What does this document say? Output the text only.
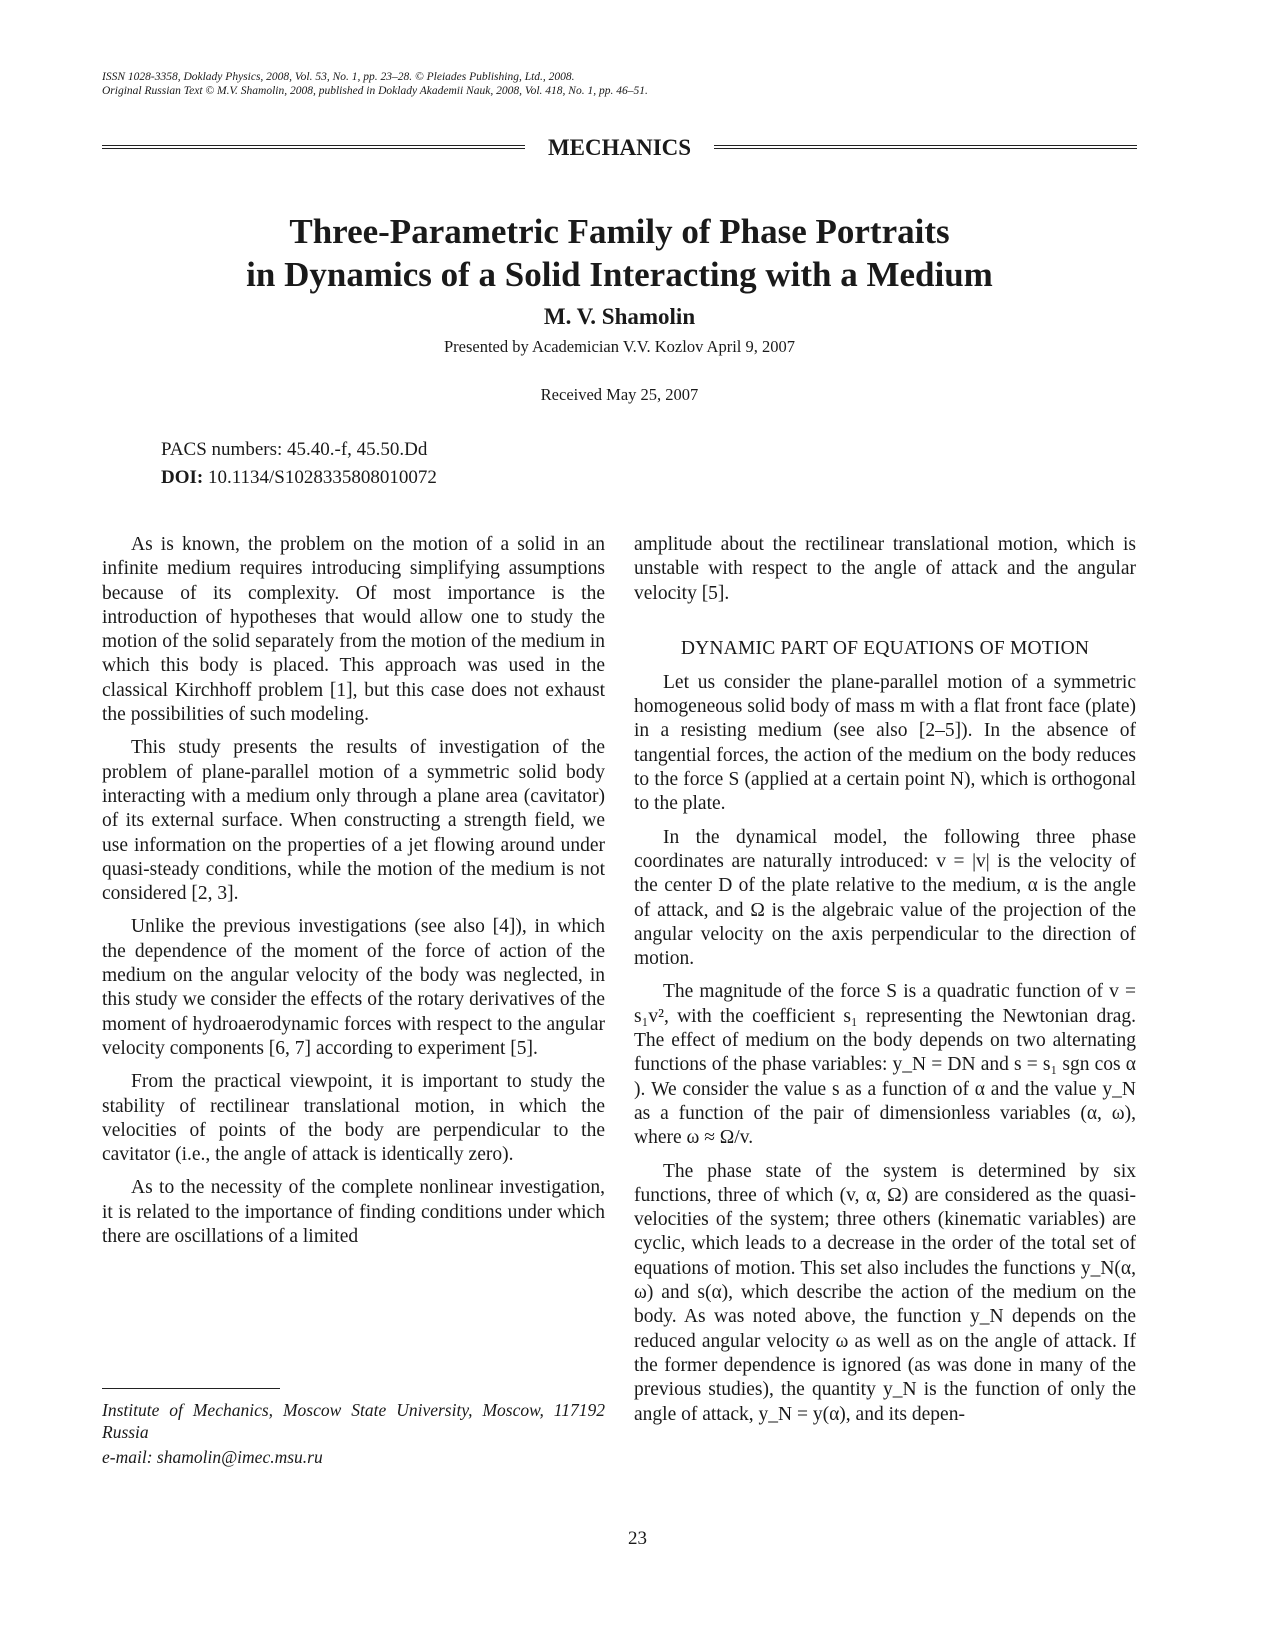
ISSN 1028-3358, Doklady Physics, 2008, Vol. 53, No. 1, pp. 23–28. © Pleiades Publishing, Ltd., 2008.
Original Russian Text © M.V. Shamolin, 2008, published in Doklady Akademii Nauk, 2008, Vol. 418, No. 1, pp. 46–51.
MECHANICS
Three-Parametric Family of Phase Portraits
in Dynamics of a Solid Interacting with a Medium
M. V. Shamolin
Presented by Academician V.V. Kozlov April 9, 2007
Received May 25, 2007
PACS numbers: 45.40.-f, 45.50.Dd
DOI: 10.1134/S1028335808010072

As is known, the problem on the motion of a solid in an infinite medium requires introducing simplifying assumptions because of its complexity. Of most importance is the introduction of hypotheses that would allow one to study the motion of the solid separately from the motion of the medium in which this body is placed. This approach was used in the classical Kirchhoff problem [1], but this case does not exhaust the possibilities of such modeling.

This study presents the results of investigation of the problem of plane-parallel motion of a symmetric solid body interacting with a medium only through a plane area (cavitator) of its external surface. When constructing a strength field, we use information on the properties of a jet flowing around under quasi-steady conditions, while the motion of the medium is not considered [2, 3].

Unlike the previous investigations (see also [4]), in which the dependence of the moment of the force of action of the medium on the angular velocity of the body was neglected, in this study we consider the effects of the rotary derivatives of the moment of hydroaerodynamic forces with respect to the angular velocity components [6, 7] according to experiment [5].

From the practical viewpoint, it is important to study the stability of rectilinear translational motion, in which the velocities of points of the body are perpendicular to the cavitator (i.e., the angle of attack is identically zero).

As to the necessity of the complete nonlinear investigation, it is related to the importance of finding conditions under which there are oscillations of a limited

amplitude about the rectilinear translational motion, which is unstable with respect to the angle of attack and the angular velocity [5].

DYNAMIC PART OF EQUATIONS OF MOTION

Let us consider the plane-parallel motion of a symmetric homogeneous solid body of mass m with a flat front face (plate) in a resisting medium (see also [2–5]). In the absence of tangential forces, the action of the medium on the body reduces to the force S (applied at a certain point N), which is orthogonal to the plate.

In the dynamical model, the following three phase coordinates are naturally introduced: v = |v| is the velocity of the center D of the plate relative to the medium, α is the angle of attack, and Ω is the algebraic value of the projection of the angular velocity on the axis perpendicular to the direction of motion.

The magnitude of the force S is a quadratic function of v = s₁v², with the coefficient s₁ representing the Newtonian drag. The effect of medium on the body depends on two alternating functions of the phase variables: y_N = DN and s = s₁ sgn cos α ). We consider the value s as a function of α and the value y_N as a function of the pair of dimensionless variables (α, ω), where ω ≈ Ω/v.

The phase state of the system is determined by six functions, three of which (v, α, Ω) are considered as the quasi-velocities of the system; three others (kinematic variables) are cyclic, which leads to a decrease in the order of the total set of equations of motion. This set also includes the functions y_N(α, ω) and s(α), which describe the action of the medium on the body. As was noted above, the function y_N depends on the reduced angular velocity ω as well as on the angle of attack. If the former dependence is ignored (as was done in many of the previous studies), the quantity y_N is the function of only the angle of attack, y_N = y(α), and its depen-

Institute of Mechanics, Moscow State University, Moscow, 117192 Russia
e-mail: shamolin@imec.msu.ru
23
